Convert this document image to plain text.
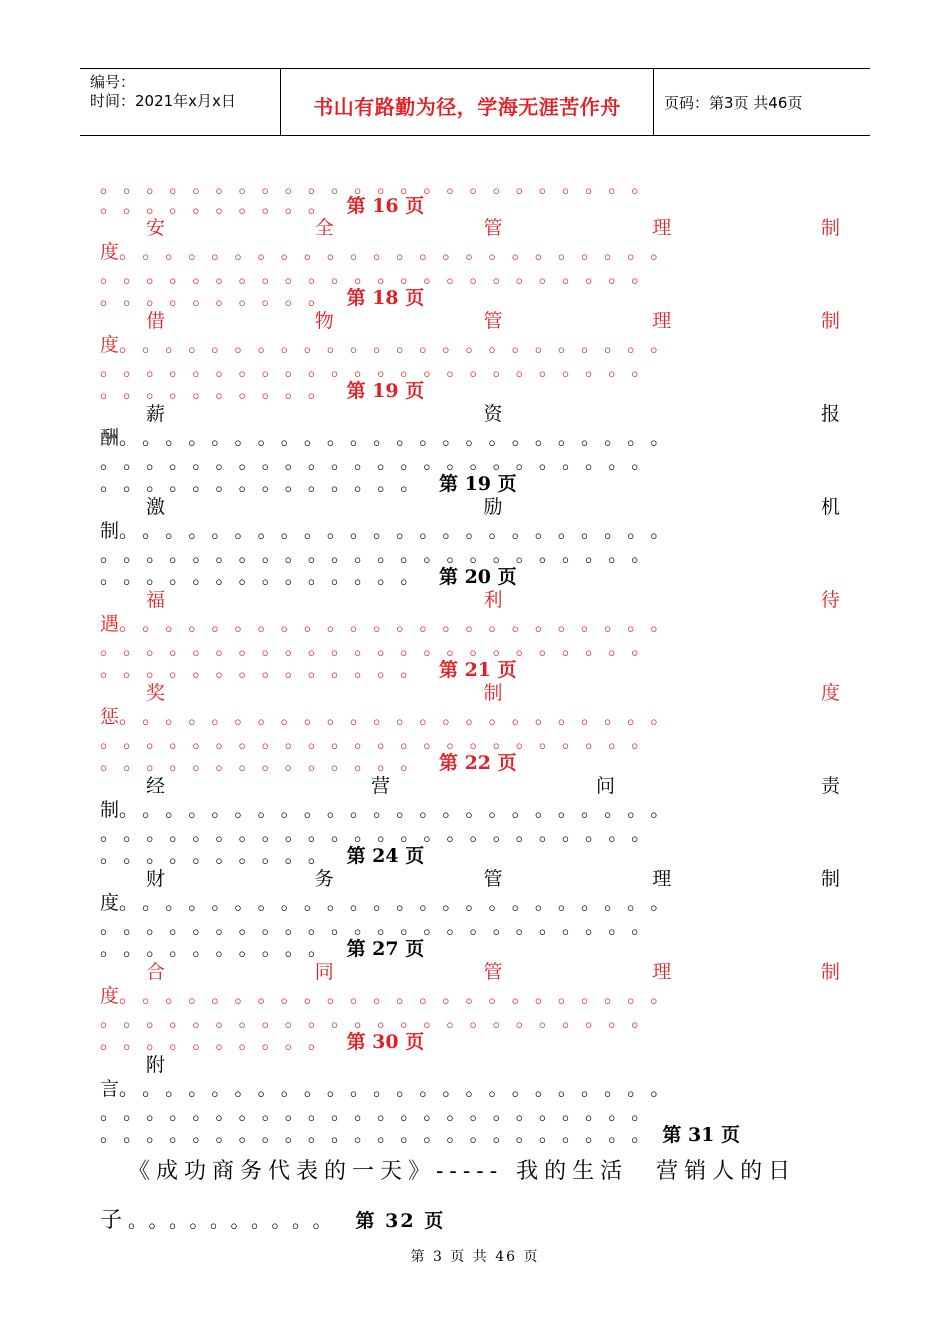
编号：
时间：2021年x月x日	书山有路勤为径，学海无涯苦作舟	页码：第3页 共46页
。。。。。。。。。。。。。。。。。。。。。。。。
。。。。。。。。。。 第 16 页
安	全	管	理	制
度。。。。。。。。。。。。。。。。。。。。。。。。
。。。。。。。。。。。。。。。。。。。。。。。。
。。。。。。。。。。 第 18 页
借	物	管	理	制
度。。。。。。。。。。。。。。。。。。。。。。。。
。。。。。。。。。。。。。。。。。。。。。。。。
。。。。。。。。。。 第 19 页
薪	资	报
酬。。。。。。。。。。。。。。。。。。。。。。。。
。。。。。。。。。。。。。。。。。。。。。。。。
。。。。。。。。。。。。。。 第 19 页
激	励	机
制。。。。。。。。。。。。。。。。。。。。。。。。
。。。。。。。。。。。。。。。。。。。。。。。。
。。。。。。。。。。。。。。 第 20 页
福	利	待
遇。。。。。。。。。。。。。。。。。。。。。。。。
。。。。。。。。。。。。。。。。。。。。。。。。
。。。。。。。。。。。。。。 第 21 页
奖	制	度
惩。。。。。。。。。。。。。。。。。。。。。。。。
。。。。。。。。。。。。。。。。。。。。。。。。
。。。。。。。。。。。。。。 第 22 页
经	营	问	责
制。。。。。。。。。。。。。。。。。。。。。。。。
。。。。。。。。。。。。。。。。。。。。。。。。
。。。。。。。。。。 第 24 页
财	务	管	理	制
度。。。。。。。。。。。。。。。。。。。。。。。。
。。。。。。。。。。。。。。。。。。。。。。。。
。。。。。。。。。。 第 27 页
合	同	管	理	制
度。。。。。。。。。。。。。。。。。。。。。。。。
。。。。。。。。。。。。。。。。。。。。。。。。
。。。。。。。。。。 第 30 页
附
言。。。。。。。。。。。。。。。。。。。。。。。。
。。。。。。。。。。。。。。。。。。。。。。。。
。。。。。。。。。。。。。。。。。。。。。。。。
第 31 页
《成功商务代表的一天》----- 我的生活　营销人的日
子。。。。。。。。。。 第 32 页
第 3 页 共 46 页
